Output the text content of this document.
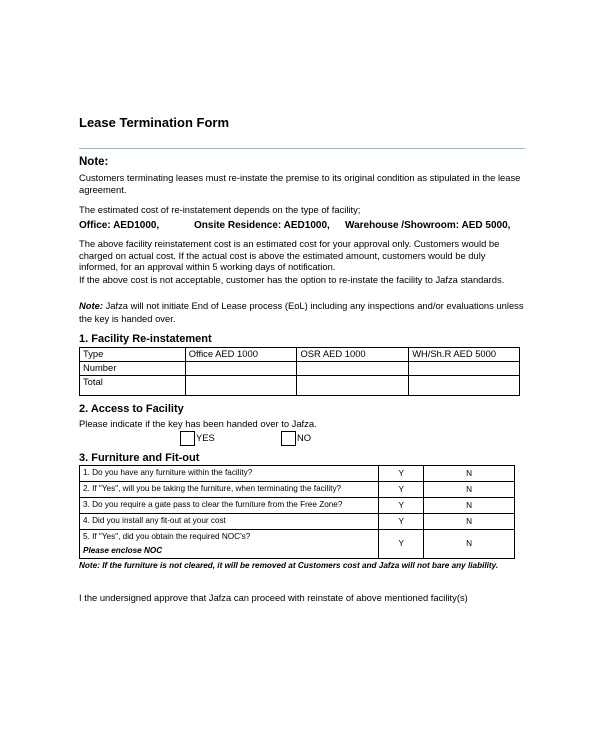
Lease Termination Form
Note:
Customers terminating leases must re-instate the premise to its original condition as stipulated in the lease agreement.
The estimated cost of re-instatement depends on the type of facility;
Office: AED1000,	Onsite Residence: AED1000, Warehouse /Showroom: AED 5000,
The above facility reinstatement cost is an estimated cost for your approval only. Customers would be charged on actual cost. If the actual cost is above the estimated amount, customers would be duly informed, for an approval within 5 working days of notification.
If the above cost is not acceptable, customer has the option to re-instate the facility to Jafza standards.
Note: Jafza will not initiate End of Lease process (EoL) including any inspections and/or evaluations unless the key is handed over.
1. Facility Re-instatement
Type	Office AED 1000	OSR AED 1000	WH/Sh.R AED 5000
Number			
Total			
2. Access to Facility
Please indicate if the key has been handed over to Jafza.
YES	NO
3. Furniture and Fit-out
1. Do you have any furniture within the facility?	Y	N
2. If "Yes", will you be taking the furniture, when terminating the facility?	Y	N
3. Do you require a gate pass to clear the furniture from the Free Zone?	Y	N
4. Did you install any fit-out at your cost	Y	N

5. If "Yes", did you obtain the required NOC's?
Please enclose NOC	Y	N
Note: If the furniture is not cleared, it will be removed at Customers cost and Jafza will not bare any liability.
I the undersigned approve that Jafza can proceed with reinstate of above mentioned facility(s)
